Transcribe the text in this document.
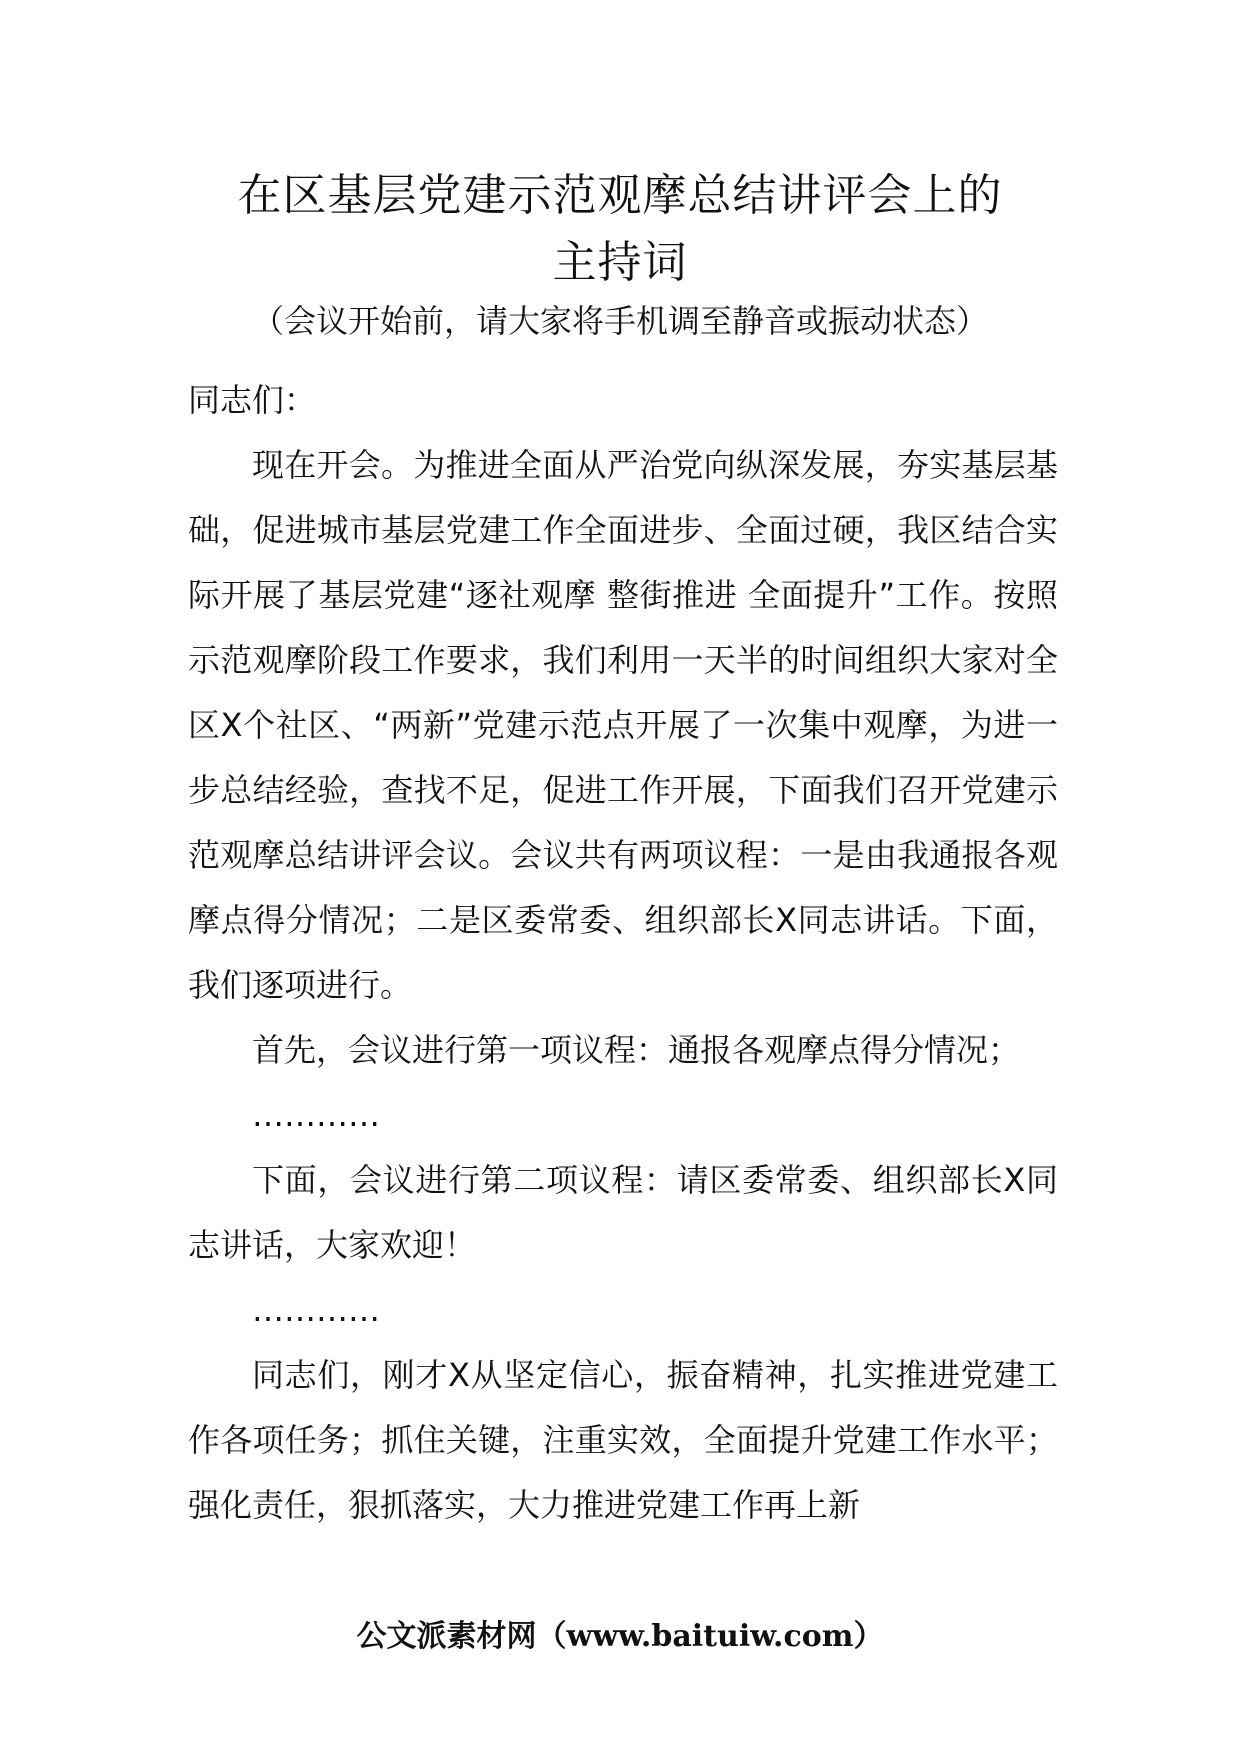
在区基层党建示范观摩总结讲评会上的
主持词

（会议开始前，请大家将手机调至静音或振动状态）

同志们：

现在开会。为推进全面从严治党向纵深发展，夯实基层基础，促进城市基层党建工作全面进步、全面过硬，我区结合实际开展了基层党建“逐社观摩 整街推进 全面提升”工作。按照示范观摩阶段工作要求，我们利用一天半的时间组织大家对全区X个社区、“两新”党建示范点开展了一次集中观摩，为进一步总结经验，查找不足，促进工作开展，下面我们召开党建示范观摩总结讲评会议。会议共有两项议程：一是由我通报各观摩点得分情况；二是区委常委、组织部长X同志讲话。下面，我们逐项进行。

首先，会议进行第一项议程：通报各观摩点得分情况；

…………

下面，会议进行第二项议程：请区委常委、组织部长X同志讲话，大家欢迎！

…………

同志们，刚才X从坚定信心，振奋精神，扎实推进党建工作各项任务；抓住关键，注重实效，全面提升党建工作水平；强化责任，狠抓落实，大力推进党建工作再上新

公文派素材网（www.baituiw.com）
